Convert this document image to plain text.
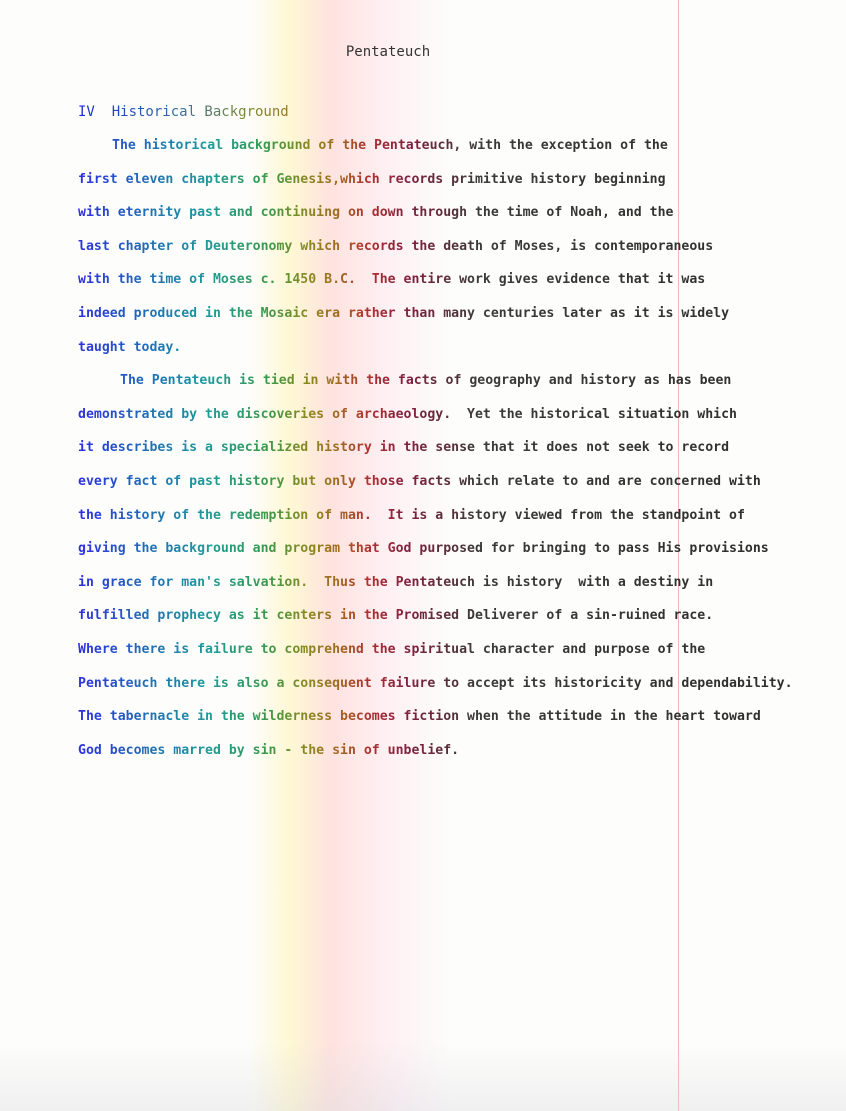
Pentateuch
IV  Historical Background
The historical background of the Pentateuch, with the exception of the
first eleven chapters of Genesis,which records primitive history beginning
with eternity past and continuing on down through the time of Noah, and the
last chapter of Deuteronomy which records the death of Moses, is contemporaneous
with the time of Moses c. 1450 B.C.  The entire work gives evidence that it was
indeed produced in the Mosaic era rather than many centuries later as it is widely
taught today.
The Pentateuch is tied in with the facts of geography and history as has been
demonstrated by the discoveries of archaeology.  Yet the historical situation which
it describes is a specialized history in the sense that it does not seek to record
every fact of past history but only those facts which relate to and are concerned with
the history of the redemption of man.  It is a history viewed from the standpoint of
giving the background and program that God purposed for bringing to pass His provisions
in grace for man's salvation.  Thus the Pentateuch is history  with a destiny in
fulfilled prophecy as it centers in the Promised Deliverer of a sin-ruined race.
Where there is failure to comprehend the spiritual character and purpose of the
Pentateuch there is also a consequent failure to accept its historicity and dependability.
The tabernacle in the wilderness becomes fiction when the attitude in the heart toward
God becomes marred by sin - the sin of unbelief.
